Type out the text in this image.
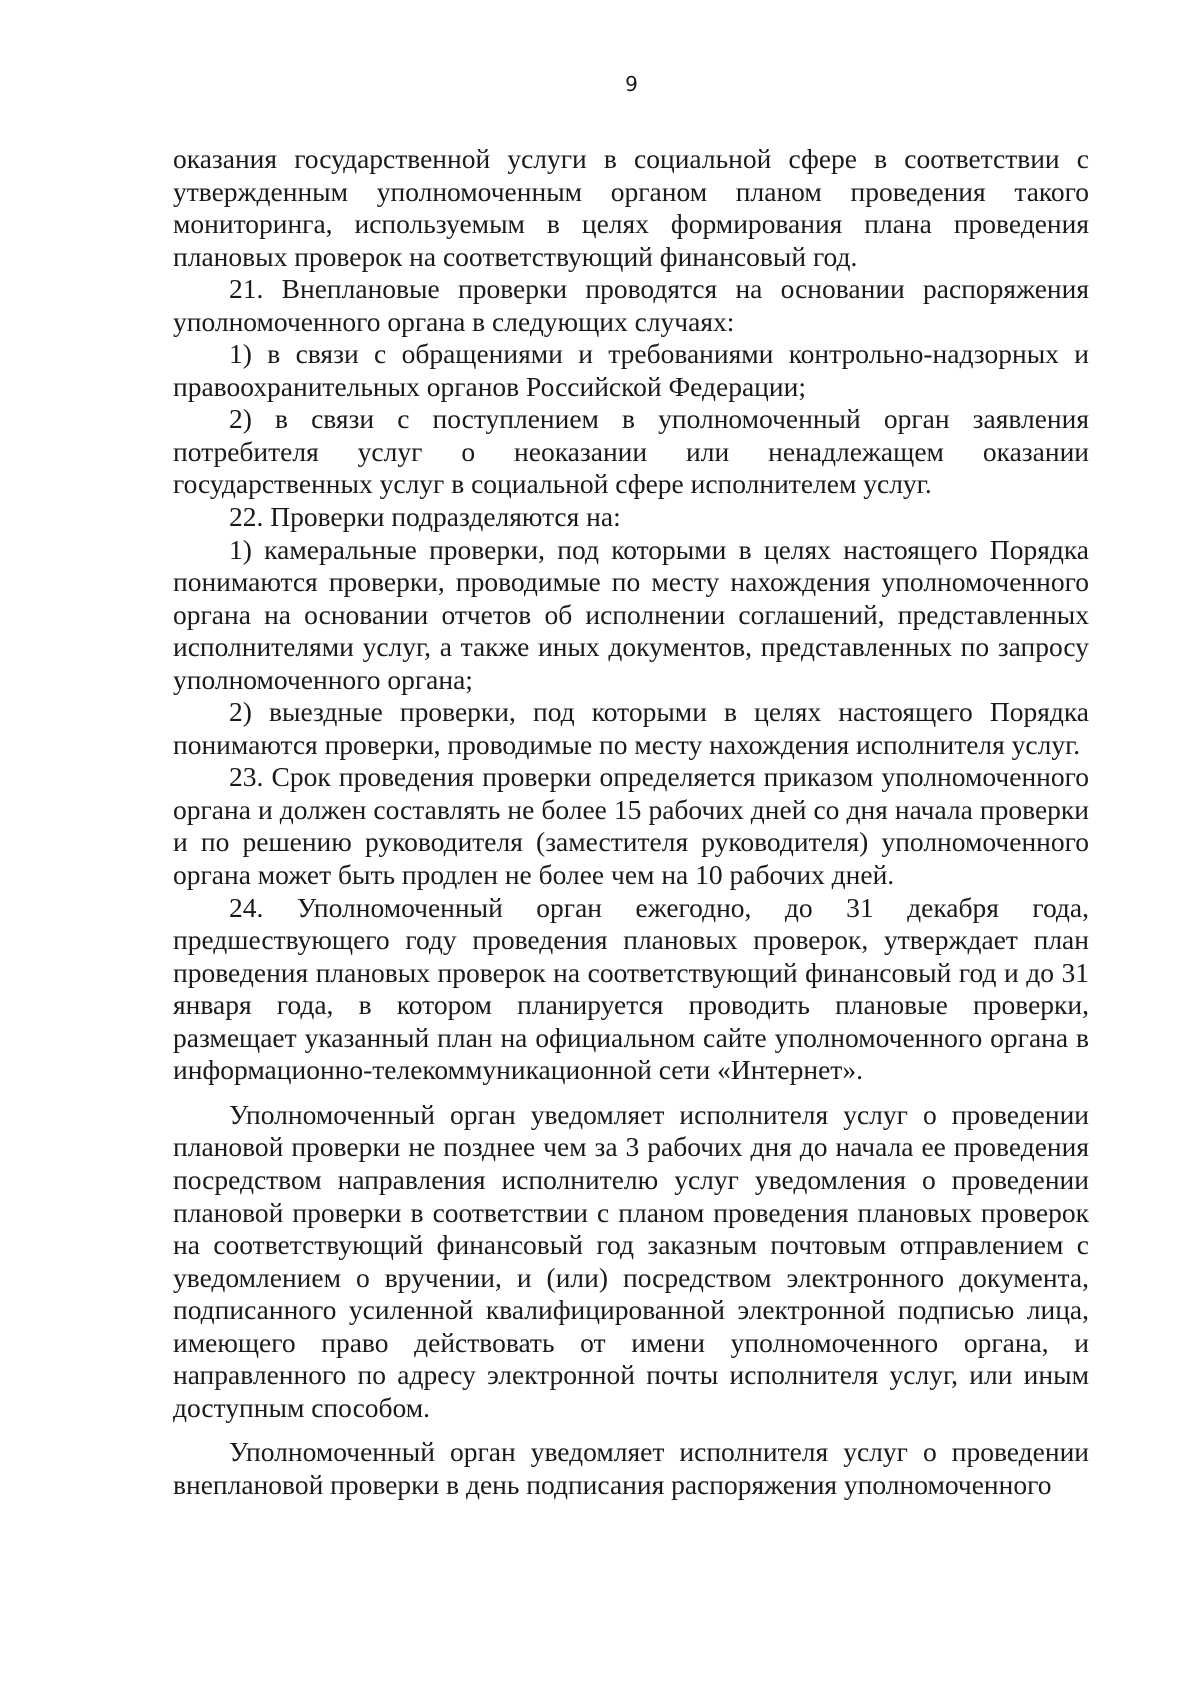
9

оказания государственной услуги в социальной сфере в соответствии с утвержденным уполномоченным органом планом проведения такого мониторинга, используемым в целях формирования плана проведения плановых проверок на соответствующий финансовый год.

21. Внеплановые проверки проводятся на основании распоряжения уполномоченного органа в следующих случаях:

1) в связи с обращениями и требованиями контрольно-надзорных и правоохранительных органов Российской Федерации;

2) в связи с поступлением в уполномоченный орган заявления потребителя услуг о неоказании или ненадлежащем оказании государственных услуг в социальной сфере исполнителем услуг.

22. Проверки подразделяются на:

1) камеральные проверки, под которыми в целях настоящего Порядка понимаются проверки, проводимые по месту нахождения уполномоченного органа на основании отчетов об исполнении соглашений, представленных исполнителями услуг, а также иных документов, представленных по запросу уполномоченного органа;

2) выездные проверки, под которыми в целях настоящего Порядка понимаются проверки, проводимые по месту нахождения исполнителя услуг.

23. Срок проведения проверки определяется приказом уполномоченного органа и должен составлять не более 15 рабочих дней со дня начала проверки и по решению руководителя (заместителя руководителя) уполномоченного органа может быть продлен не более чем на 10 рабочих дней.

24. Уполномоченный орган ежегодно, до 31 декабря года, предшествующего году проведения плановых проверок, утверждает план проведения плановых проверок на соответствующий финансовый год и до 31 января года, в котором планируется проводить плановые проверки, размещает указанный план на официальном сайте уполномоченного органа в информационно-телекоммуникационной сети «Интернет».

Уполномоченный орган уведомляет исполнителя услуг о проведении плановой проверки не позднее чем за 3 рабочих дня до начала ее проведения посредством направления исполнителю услуг уведомления о проведении плановой проверки в соответствии с планом проведения плановых проверок на соответствующий финансовый год заказным почтовым отправлением с уведомлением о вручении, и (или) посредством электронного документа, подписанного усиленной квалифицированной электронной подписью лица, имеющего право действовать от имени уполномоченного органа, и направленного по адресу электронной почты исполнителя услуг, или иным доступным способом.

Уполномоченный орган уведомляет исполнителя услуг о проведении внеплановой проверки в день подписания распоряжения уполномоченного
